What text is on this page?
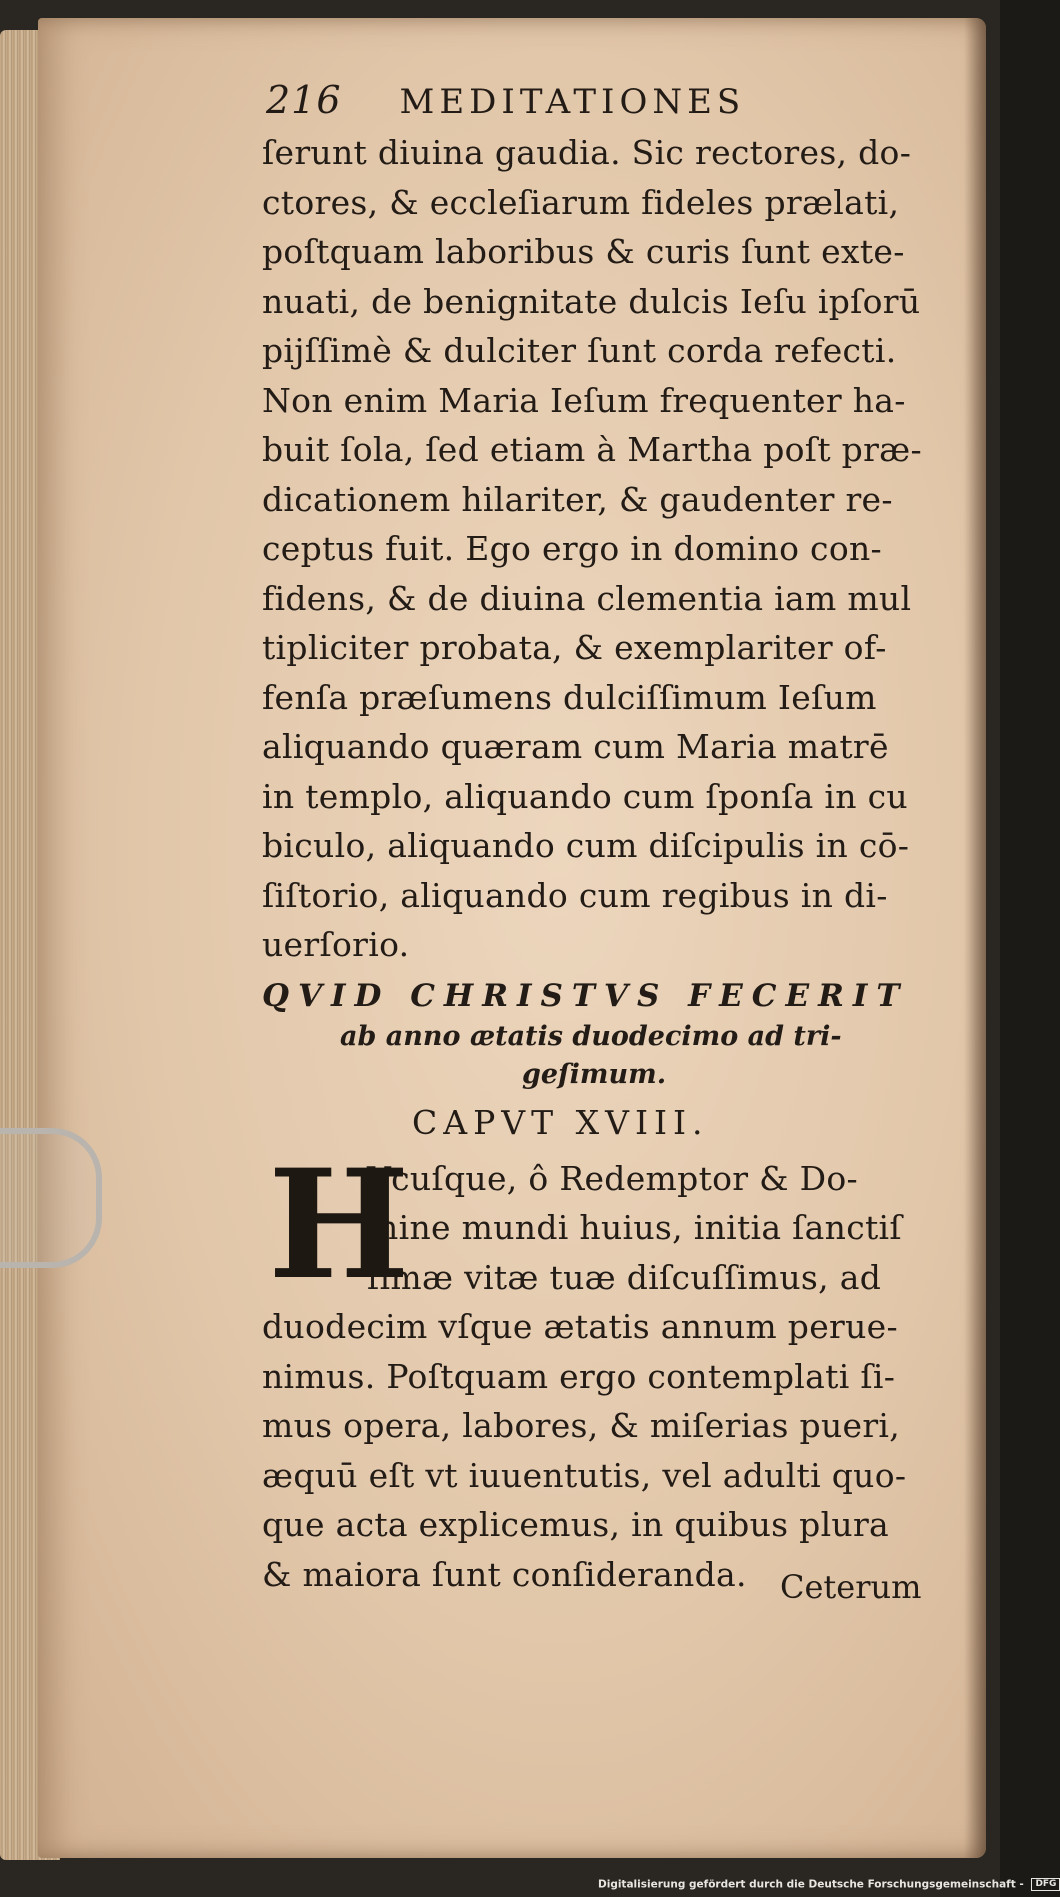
216 MEDITATIONES
ſerunt diuina gaudia. Sic rectores, do-
ctores, & eccleſiarum fideles prælati,
poſtquam laboribus & curis ſunt exte-
nuati, de benignitate dulcis Ieſu ipſorū
pijſſimè & dulciter ſunt corda refecti.
Non enim Maria Ieſum frequenter ha-
buit ſola, ſed etiam à Martha poſt præ-
dicationem hilariter, & gaudenter re-
ceptus fuit. Ego ergo in domino con-
fidens, & de diuina clementia iam mul
tipliciter probata, & exemplariter of-
fenſa præſumens dulciſſimum Ieſum
aliquando quæram cum Maria matrē
in templo, aliquando cum ſponſa in cu
biculo, aliquando cum diſcipulis in cō-
ſiſtorio, aliquando cum regibus in di-
uerſorio.
QVID CHRISTVS FECERIT
ab anno ætatis duodecimo ad tri-
geſimum.
CAPVT XVIII.
H
Vcuſque, ô Redemptor & Do-
mine mundi huius, initia ſanctiſ
ſimæ vitæ tuæ diſcuſſimus, ad
duodecim vſque ætatis annum perue-
nimus. Poſtquam ergo contemplati ſi-
mus opera, labores, & miſerias pueri,
æquū eſt vt iuuentutis, vel adulti quo-
que acta explicemus, in quibus plura
& maiora ſunt conſideranda.	Ceterum
Digitalisierung gefördert durch die Deutsche Forschungsgemeinschaft - DFG
